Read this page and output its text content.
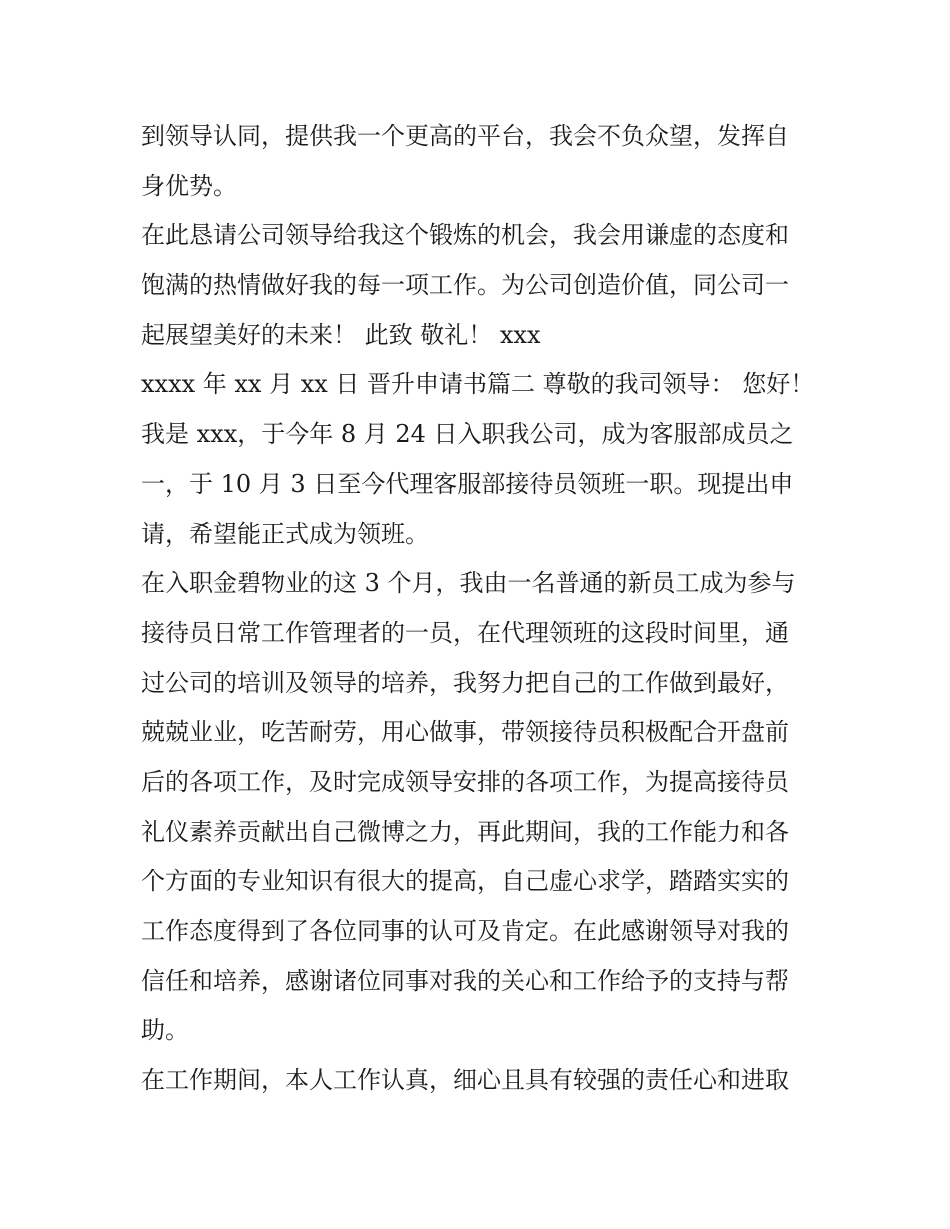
到领导认同，提供我一个更高的平台，我会不负众望，发挥自
身优势。
在此恳请公司领导给我这个锻炼的机会，我会用谦虚的态度和
饱满的热情做好我的每一项工作。为公司创造价值，同公司一
起展望美好的未来！ 此致 敬礼！ xxx
xxxx 年 xx 月 xx 日 晋升申请书篇二 尊敬的我司领导： 您好！
我是 xxx，于今年 8 月 24 日入职我公司，成为客服部成员之
一，于 10 月 3 日至今代理客服部接待员领班一职。现提出申
请，希望能正式成为领班。
在入职金碧物业的这 3 个月，我由一名普通的新员工成为参与
接待员日常工作管理者的一员，在代理领班的这段时间里，通
过公司的培训及领导的培养，我努力把自己的工作做到最好，
兢兢业业，吃苦耐劳，用心做事，带领接待员积极配合开盘前
后的各项工作，及时完成领导安排的各项工作，为提高接待员
礼仪素养贡献出自己微博之力，再此期间，我的工作能力和各
个方面的专业知识有很大的提高，自己虚心求学，踏踏实实的
工作态度得到了各位同事的认可及肯定。在此感谢领导对我的
信任和培养，感谢诸位同事对我的关心和工作给予的支持与帮
助。
在工作期间，本人工作认真，细心且具有较强的责任心和进取
